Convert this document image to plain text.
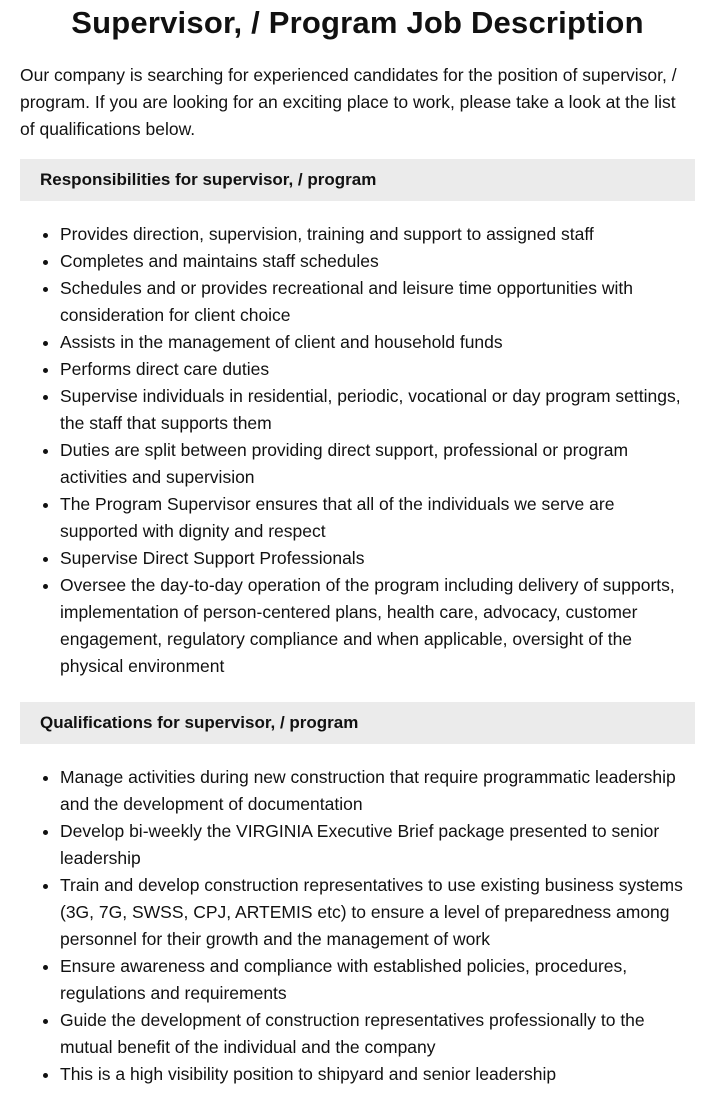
Supervisor, / Program Job Description

Our company is searching for experienced candidates for the position of supervisor, / program. If you are looking for an exciting place to work, please take a look at the list of qualifications below.

Responsibilities for supervisor, / program
• Provides direction, supervision, training and support to assigned staff
• Completes and maintains staff schedules
• Schedules and or provides recreational and leisure time opportunities with consideration for client choice
• Assists in the management of client and household funds
• Performs direct care duties
• Supervise individuals in residential, periodic, vocational or day program settings, the staff that supports them
• Duties are split between providing direct support, professional or program activities and supervision
• The Program Supervisor ensures that all of the individuals we serve are supported with dignity and respect
• Supervise Direct Support Professionals
• Oversee the day-to-day operation of the program including delivery of supports, implementation of person-centered plans, health care, advocacy, customer engagement, regulatory compliance and when applicable, oversight of the physical environment
Qualifications for supervisor, / program
• Manage activities during new construction that require programmatic leadership and the development of documentation
• Develop bi-weekly the VIRGINIA Executive Brief package presented to senior leadership
• Train and develop construction representatives to use existing business systems (3G, 7G, SWSS, CPJ, ARTEMIS etc) to ensure a level of preparedness among personnel for their growth and the management of work
• Ensure awareness and compliance with established policies, procedures, regulations and requirements
• Guide the development of construction representatives professionally to the mutual benefit of the individual and the company
• This is a high visibility position to shipyard and senior leadership
